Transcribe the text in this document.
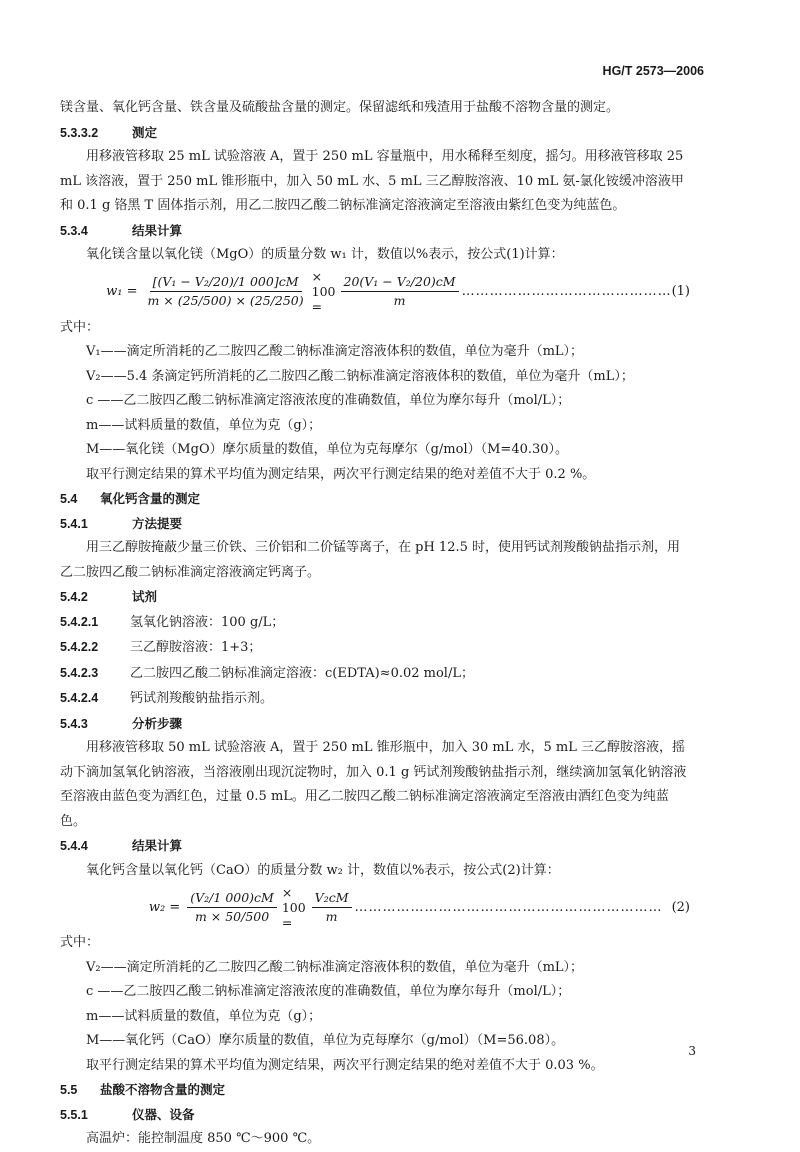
HG/T 2573—2006

镁含量、氧化钙含量、铁含量及硫酸盐含量的测定。保留滤纸和残渣用于盐酸不溶物含量的测定。

5.3.3.2	测定

用移液管移取 25 mL 试验溶液 A，置于 250 mL 容量瓶中，用水稀释至刻度，摇匀。用移液管移取 25 mL 该溶液，置于 250 mL 锥形瓶中，加入 50 mL 水、5 mL 三乙醇胺溶液、10 mL 氨-氯化铵缓冲溶液甲和 0.1 g 铬黑 T 固体指示剂，用乙二胺四乙酸二钠标准滴定溶液滴定至溶液由紫红色变为纯蓝色。

5.3.4	结果计算

氧化镁含量以氧化镁（MgO）的质量分数 w₁ 计，数值以%表示，按公式(1)计算：

$w_1 = \frac{\text{[(V₁ − V₂/20)/1 000]cM}}{m \times (25/500) \times (25/250)} \times 100$ =	$\frac{\text{20(V₁ − V₂/20)cM}}{m}$ ……………………………………… (1)

式中：

V₁——滴定所消耗的乙二胺四乙酸二钠标准滴定溶液体积的数值，单位为毫升（mL）；

V₂——5.4 条滴定钙所消耗的乙二胺四乙酸二钠标准滴定溶液体积的数值，单位为毫升（mL）；

c ——乙二胺四乙酸二钠标准滴定溶液浓度的准确数值，单位为摩尔每升（mol/L）；

m——试料质量的数值，单位为克（g）；

M——氧化镁（MgO）摩尔质量的数值，单位为克每摩尔（g/mol）（M=40.30）。

取平行测定结果的算术平均值为测定结果，两次平行测定结果的绝对差值不大于 0.2 %。

5.4 氧化钙含量的测定
5.4.1	方法提要

用三乙醇胺掩蔽少量三价铁、三价铝和二价锰等离子，在 pH 12.5 时，使用钙试剂羧酸钠盐指示剂，用乙二胺四乙酸二钠标准滴定溶液滴定钙离子。

5.4.2	试剂
5.4.2.1 氢氧化钠溶液：100 g/L；
5.4.2.2 三乙醇胺溶液：1+3；
5.4.2.3 乙二胺四乙酸二钠标准滴定溶液：c(EDTA)≈0.02 mol/L；
5.4.2.4 钙试剂羧酸钠盐指示剂。
5.4.3	分析步骤

用移液管移取 50 mL 试验溶液 A，置于 250 mL 锥形瓶中，加入 30 mL 水，5 mL 三乙醇胺溶液，摇动下滴加氢氧化钠溶液，当溶液刚出现沉淀物时，加入 0.1 g 钙试剂羧酸钠盐指示剂，继续滴加氢氧化钠溶液至溶液由蓝色变为酒红色，过量 0.5 mL。用乙二胺四乙酸二钠标准滴定溶液滴定至溶液由酒红色变为纯蓝色。

5.4.4	结果计算

氧化钙含量以氧化钙（CaO）的质量分数 w₂ 计，数值以%表示，按公式(2)计算：

$w_2 = \frac{\text{(V₂/1 000)cM}}{m \times 50/500} \times 100$ =	$\frac{\text{V₂cM}}{m}$ ………………………………………………………… (2)

式中：

V₂——滴定所消耗的乙二胺四乙酸二钠标准滴定溶液体积的数值，单位为毫升（mL）；

c ——乙二胺四乙酸二钠标准滴定溶液浓度的准确数值，单位为摩尔每升（mol/L）；

m——试料质量的数值，单位为克（g）；

M——氧化钙（CaO）摩尔质量的数值，单位为克每摩尔（g/mol）（M=56.08）。

取平行测定结果的算术平均值为测定结果，两次平行测定结果的绝对差值不大于 0.03 %。

5.5 盐酸不溶物含量的测定
5.5.1	仪器、设备

高温炉：能控制温度 850 ℃～900 ℃。

3
